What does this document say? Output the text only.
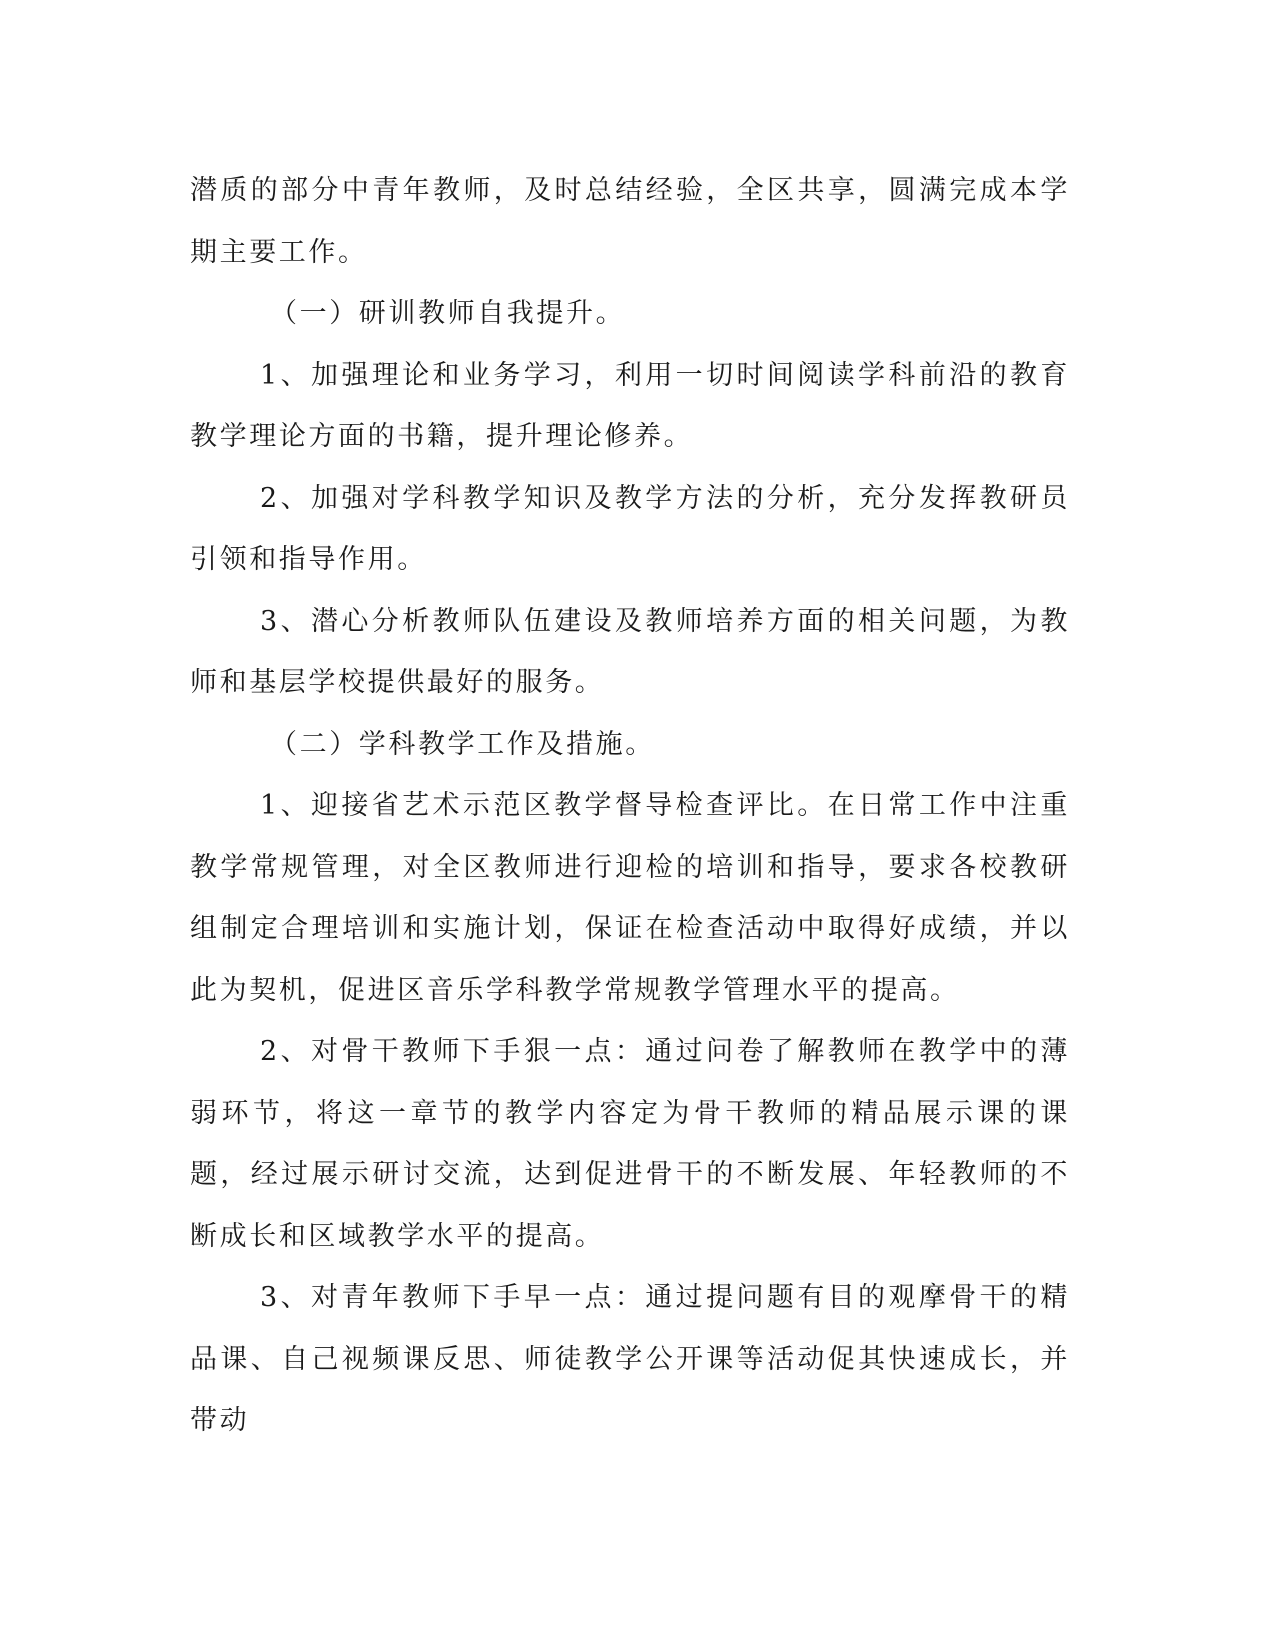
潜质的部分中青年教师，及时总结经验，全区共享，圆满完成本学期主要工作。

（一）研训教师自我提升。

1、加强理论和业务学习，利用一切时间阅读学科前沿的教育教学理论方面的书籍，提升理论修养。

2、加强对学科教学知识及教学方法的分析，充分发挥教研员引领和指导作用。

3、潜心分析教师队伍建设及教师培养方面的相关问题，为教师和基层学校提供最好的服务。

（二）学科教学工作及措施。

1、迎接省艺术示范区教学督导检查评比。在日常工作中注重教学常规管理，对全区教师进行迎检的培训和指导，要求各校教研组制定合理培训和实施计划，保证在检查活动中取得好成绩，并以此为契机，促进区音乐学科教学常规教学管理水平的提高。

2、对骨干教师下手狠一点：通过问卷了解教师在教学中的薄弱环节，将这一章节的教学内容定为骨干教师的精品展示课的课题，经过展示研讨交流，达到促进骨干的不断发展、年轻教师的不断成长和区域教学水平的提高。

3、对青年教师下手早一点：通过提问题有目的观摩骨干的精品课、自己视频课反思、师徒教学公开课等活动促其快速成长，并带动
